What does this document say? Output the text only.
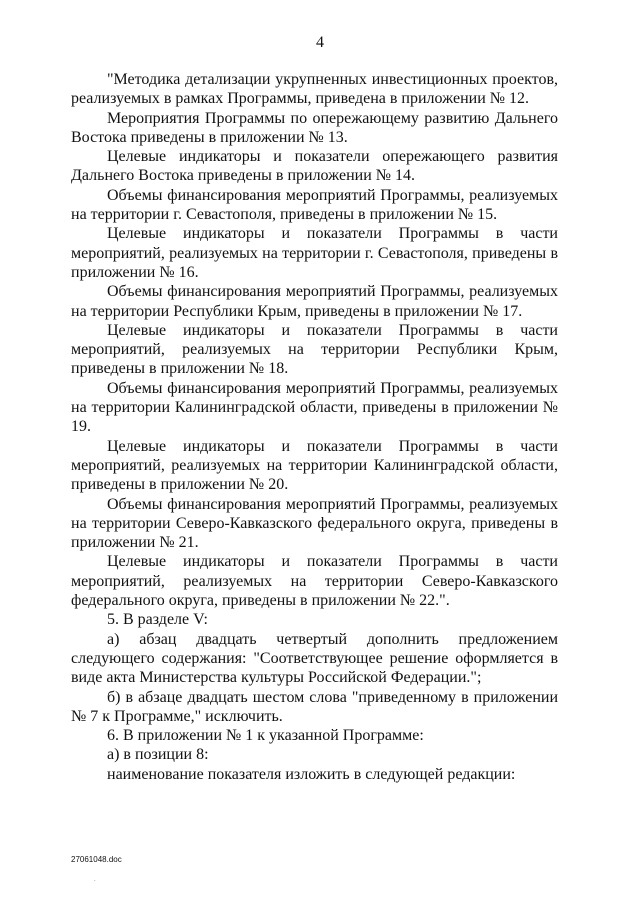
4

"Методика детализации укрупненных инвестиционных проектов, реализуемых в рамках Программы, приведена в приложении № 12.

Мероприятия Программы по опережающему развитию Дальнего Востока приведены в приложении № 13.

Целевые индикаторы и показатели опережающего развития Дальнего Востока приведены в приложении № 14.

Объемы финансирования мероприятий Программы, реализуемых на территории г. Севастополя, приведены в приложении № 15.

Целевые индикаторы и показатели Программы в части мероприятий, реализуемых на территории г. Севастополя, приведены в приложении № 16.

Объемы финансирования мероприятий Программы, реализуемых на территории Республики Крым, приведены в приложении № 17.

Целевые индикаторы и показатели Программы в части мероприятий, реализуемых на территории Республики Крым, приведены в приложении № 18.

Объемы финансирования мероприятий Программы, реализуемых на территории Калининградской области, приведены в приложении № 19.

Целевые индикаторы и показатели Программы в части мероприятий, реализуемых на территории Калининградской области, приведены в приложении № 20.

Объемы финансирования мероприятий Программы, реализуемых на территории Северо-Кавказского федерального округа, приведены в приложении № 21.

Целевые индикаторы и показатели Программы в части мероприятий, реализуемых на территории Северо-Кавказского федерального округа, приведены в приложении № 22.".

5. В разделе V:

а) абзац двадцать четвертый дополнить предложением следующего содержания: "Соответствующее решение оформляется в виде акта Министерства культуры Российской Федерации.";

б) в абзаце двадцать шестом слова "приведенному в приложении № 7 к Программе," исключить.

6. В приложении № 1 к указанной Программе:

а) в позиции 8:

наименование показателя изложить в следующей редакции:

27061048.doc
.
